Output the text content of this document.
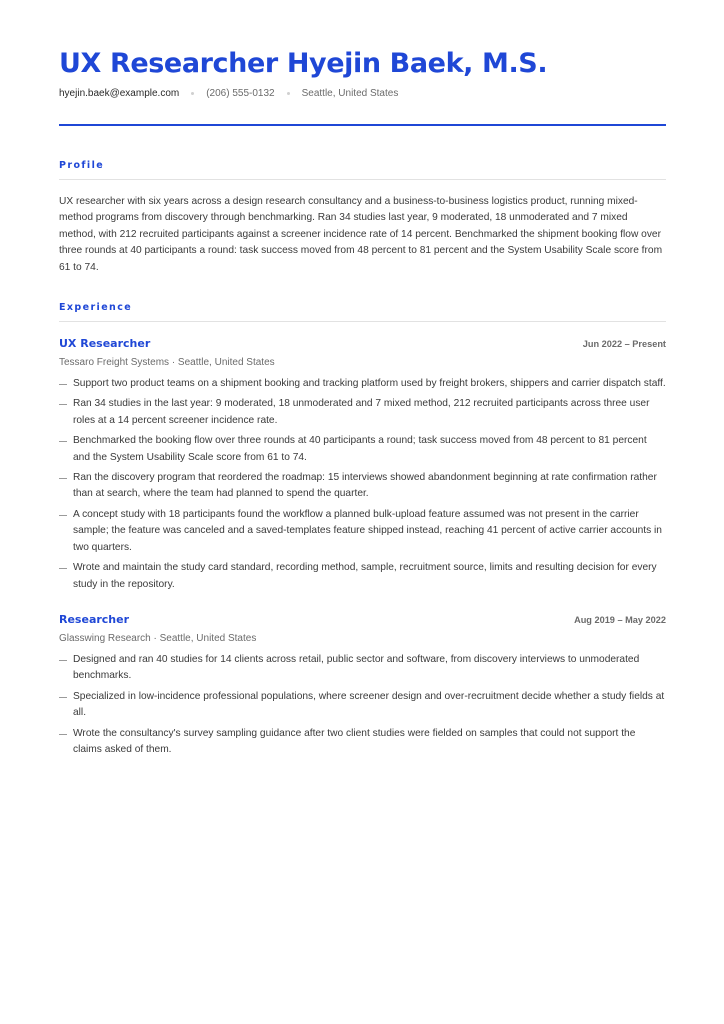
UX Researcher Hyejin Baek, M.S.
hyejin.baek@example.com	(206) 555-0132	Seattle, United States
Profile
UX researcher with six years across a design research consultancy and a business-to-business logistics product, running mixed-method programs from discovery through benchmarking. Ran 34 studies last year, 9 moderated, 18 unmoderated and 7 mixed method, with 212 recruited participants against a screener incidence rate of 14 percent. Benchmarked the shipment booking flow over three rounds at 40 participants a round: task success moved from 48 percent to 81 percent and the System Usability Scale score from 61 to 74.
Experience
UX Researcher	Jun 2022 – Present
Tessaro Freight Systems · Seattle, United States
Support two product teams on a shipment booking and tracking platform used by freight brokers, shippers and carrier dispatch staff.
Ran 34 studies in the last year: 9 moderated, 18 unmoderated and 7 mixed method, 212 recruited participants across three user roles at a 14 percent screener incidence rate.
Benchmarked the booking flow over three rounds at 40 participants a round; task success moved from 48 percent to 81 percent and the System Usability Scale score from 61 to 74.
Ran the discovery program that reordered the roadmap: 15 interviews showed abandonment beginning at rate confirmation rather than at search, where the team had planned to spend the quarter.
A concept study with 18 participants found the workflow a planned bulk-upload feature assumed was not present in the carrier sample; the feature was canceled and a saved-templates feature shipped instead, reaching 41 percent of active carrier accounts in two quarters.
Wrote and maintain the study card standard, recording method, sample, recruitment source, limits and resulting decision for every study in the repository.
Researcher	Aug 2019 – May 2022
Glasswing Research · Seattle, United States
Designed and ran 40 studies for 14 clients across retail, public sector and software, from discovery interviews to unmoderated benchmarks.
Specialized in low-incidence professional populations, where screener design and over-recruitment decide whether a study fields at all.
Wrote the consultancy's survey sampling guidance after two client studies were fielded on samples that could not support the claims asked of them.
